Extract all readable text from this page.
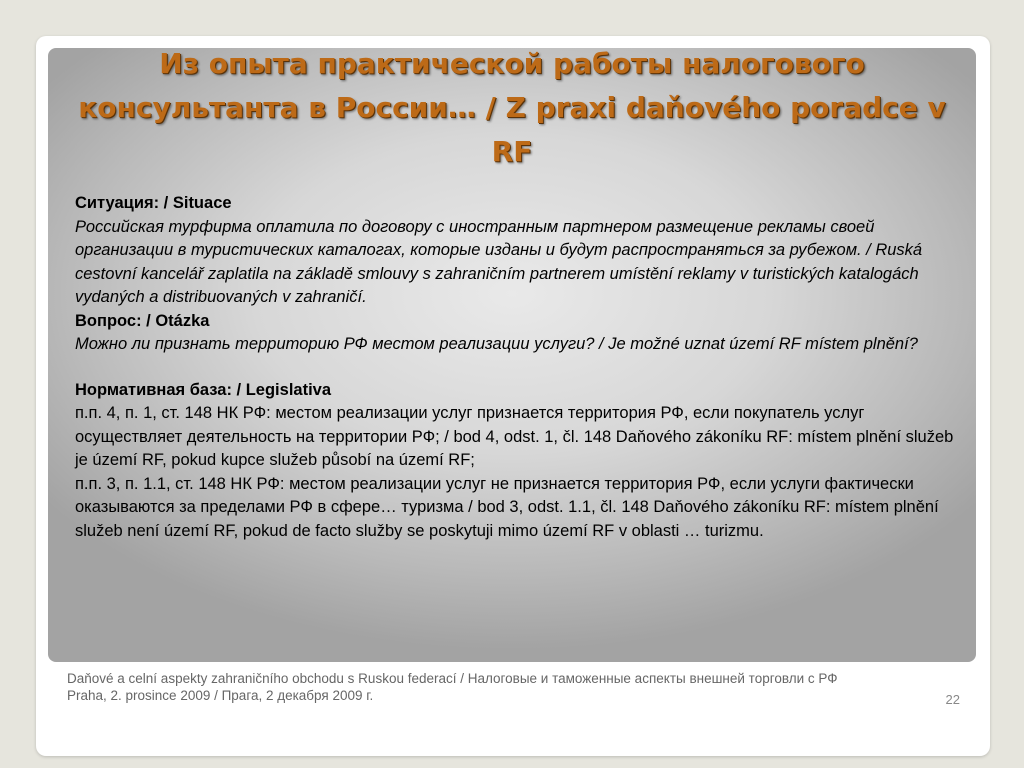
Из опыта практической работы налогового консультанта в России… / Z praxi daňového poradce v RF

Ситуация: / Situace

Российская турфирма оплатила по договору с иностранным партнером размещение рекламы своей организации в туристических каталогах, которые изданы и будут распространяться за рубежом. / Ruská cestovní kancelář zaplatila na základě smlouvy s zahraničním partnerem umístění reklamy v turistických katalogách vydaných a distribuovaných v zahraničí.

Вопрос: / Otázka

Можно ли признать территорию РФ местом реализации услуги? / Je možné uznat území RF místem plnění?

Нормативная база: / Legislativa

п.п. 4, п. 1, ст. 148 НК РФ: местом реализации услуг признается территория РФ, если покупатель услуг осуществляет деятельность на территории РФ; / bod 4, odst. 1, čl. 148 Daňového zákoníku RF: místem plnění služeb je území RF, pokud kupce služeb působí na území RF;

п.п. 3, п. 1.1, ст. 148 НК РФ: местом реализации услуг не признается территория РФ, если услуги фактически оказываются за пределами РФ в сфере… туризма / bod 3, odst. 1.1, čl. 148 Daňového zákoníku RF: místem plnění služeb není území RF, pokud de facto služby se poskytuji mimo území RF v oblasti … turizmu.

Daňové a celní aspekty zahraničního obchodu s Ruskou federací / Налоговые и таможенные аспекты внешней торговли с РФ

Praha, 2. prosince 2009 / Прага, 2 декабря 2009 г.	22
